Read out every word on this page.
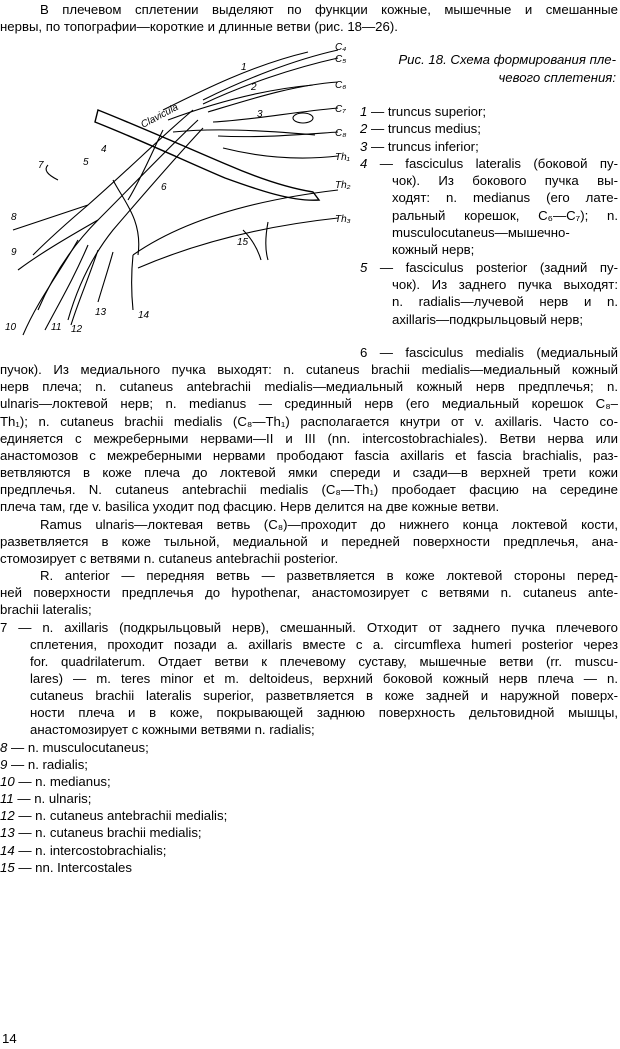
В плечевом сплетении выделяют по функции кожные, мышечные и смешанные

нервы, по топографии—короткие и длинные ветви (рис. 18—26).

C₄
C₅
C₆
C₇
C₈
Th₁
Th₂
Th₃
Clavicula
1
2
3
4
5
6
7
8
9
10	11 12
13	14
15
Рис. 18. Схема формирования пле-
чевого сплетения:
1 — truncus superior;
2 — truncus medius;
3 — truncus inferior;
4 — fasciculus lateralis (боковой пу-
чок). Из бокового пучка вы-
ходят: n. medianus (его лате-
ральный корешок, C₆—C₇); n.
musculocutaneus—мышечно-
кожный нерв;
5 — fasciculus posterior (задний пу-
чок). Из заднего пучка выходят:
n. radialis—лучевой нерв и n.
axillaris—подкрыльцовый нерв;

6 — fasciculus medialis (медиальный

пучок). Из медиального пучка выходят: n. cutaneus brachii medialis—медиальный кожный

нерв плеча; n. cutaneus antebrachii medialis—медиальный кожный нерв предплечья; n.

ulnaris—локтевой нерв; n. medianus — срединный нерв (его медиальный корешок C₈–

Th₁); n. cutaneus brachii medialis (C₈—Th₁) располагается кнутри от v. axillaris. Часто со-

единяется с межреберными нервами—II и III (nn. intercostobrachiales). Ветви нерва или

анастомозов с межреберными нервами прободают fascia axillaris et fascia brachialis, раз-

ветвляются в коже плеча до локтевой ямки спереди и сзади—в верхней трети кожи

предплечья. N. cutaneus antebrachii medialis (C₈—Th₁) прободает фасцию на середине

плеча там, где v. basilica уходит под фасцию. Нерв делится на две кожные ветви.

Ramus ulnaris—локтевая ветвь (C₈)—проходит до нижнего конца локтевой кости,

разветвляется в коже тыльной, медиальной и передней поверхности предплечья, ана-

стомозирует с ветвями n. cutaneus antebrachii posterior.

R. anterior — передняя ветвь — разветвляется в коже локтевой стороны перед-

ней поверхности предплечья до hypothenar, анастомозирует с ветвями n. cutaneus ante-

brachii lateralis;

7 — n. axillaris (подкрыльцовый нерв), смешанный. Отходит от заднего пучка плечевого

сплетения, проходит позади a. axillaris вместе с a. circumflexa humeri posterior через

for. quadrilaterum. Отдает ветви к плечевому суставу, мышечные ветви (rr. muscu-

lares) — m. teres minor et m. deltoideus, верхний боковой кожный нерв плеча — n.

cutaneus brachii lateralis superior, разветвляется в коже задней и наружной поверх-

ности плеча и в коже, покрывающей заднюю поверхность дельтовидной мышцы,

анастомозирует с кожными ветвями n. radialis;

8 — n. musculocutaneus;

9 — n. radialis;

10 — n. medianus;

11 — n. ulnaris;

12 — n. cutaneus antebrachii medialis;

13 — n. cutaneus brachii medialis;

14 — n. intercostobrachialis;

15 — nn. Intercostales

14
